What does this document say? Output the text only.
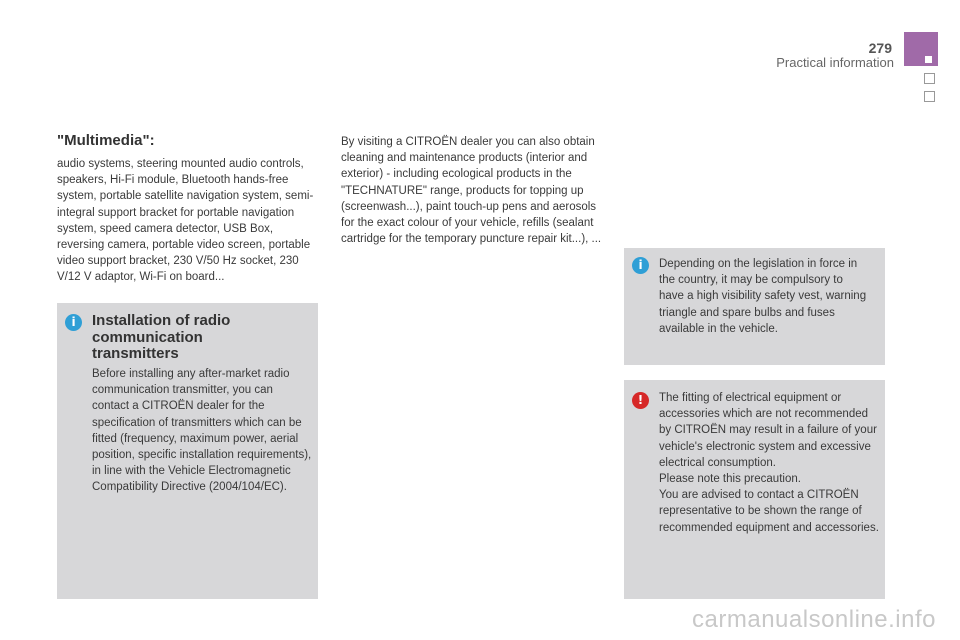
279
Practical information
"Multimedia":
audio systems, steering mounted audio controls, speakers, Hi-Fi module, Bluetooth hands-free system, portable satellite navigation system, semi-integral support bracket for portable navigation system, speed camera detector, USB Box, reversing camera, portable video screen, portable video support bracket, 230 V/50 Hz socket, 230 V/12 V adaptor, Wi-Fi on board...
i	Installation of radio communication transmitters
Before installing any after-market radio communication transmitter, you can contact a CITROËN dealer for the specification of transmitters which can be fitted (frequency, maximum power, aerial position, specific installation requirements), in line with the Vehicle Electromagnetic Compatibility Directive (2004/104/EC).
By visiting a CITROËN dealer you can also obtain cleaning and maintenance products (interior and exterior) - including ecological products in the "TECHNATURE" range, products for topping up (screenwash...), paint touch-up pens and aerosols for the exact colour of your vehicle, refills (sealant cartridge for the temporary puncture repair kit...), ...
i	Depending on the legislation in force in the country, it may be compulsory to have a high visibility safety vest, warning triangle and spare bulbs and fuses available in the vehicle.
!	The fitting of electrical equipment or accessories which are not recommended by CITROËN may result in a failure of your vehicle's electronic system and excessive electrical consumption.
Please note this precaution.
You are advised to contact a CITROËN representative to be shown the range of recommended equipment and accessories.
carmanualsonline.info
